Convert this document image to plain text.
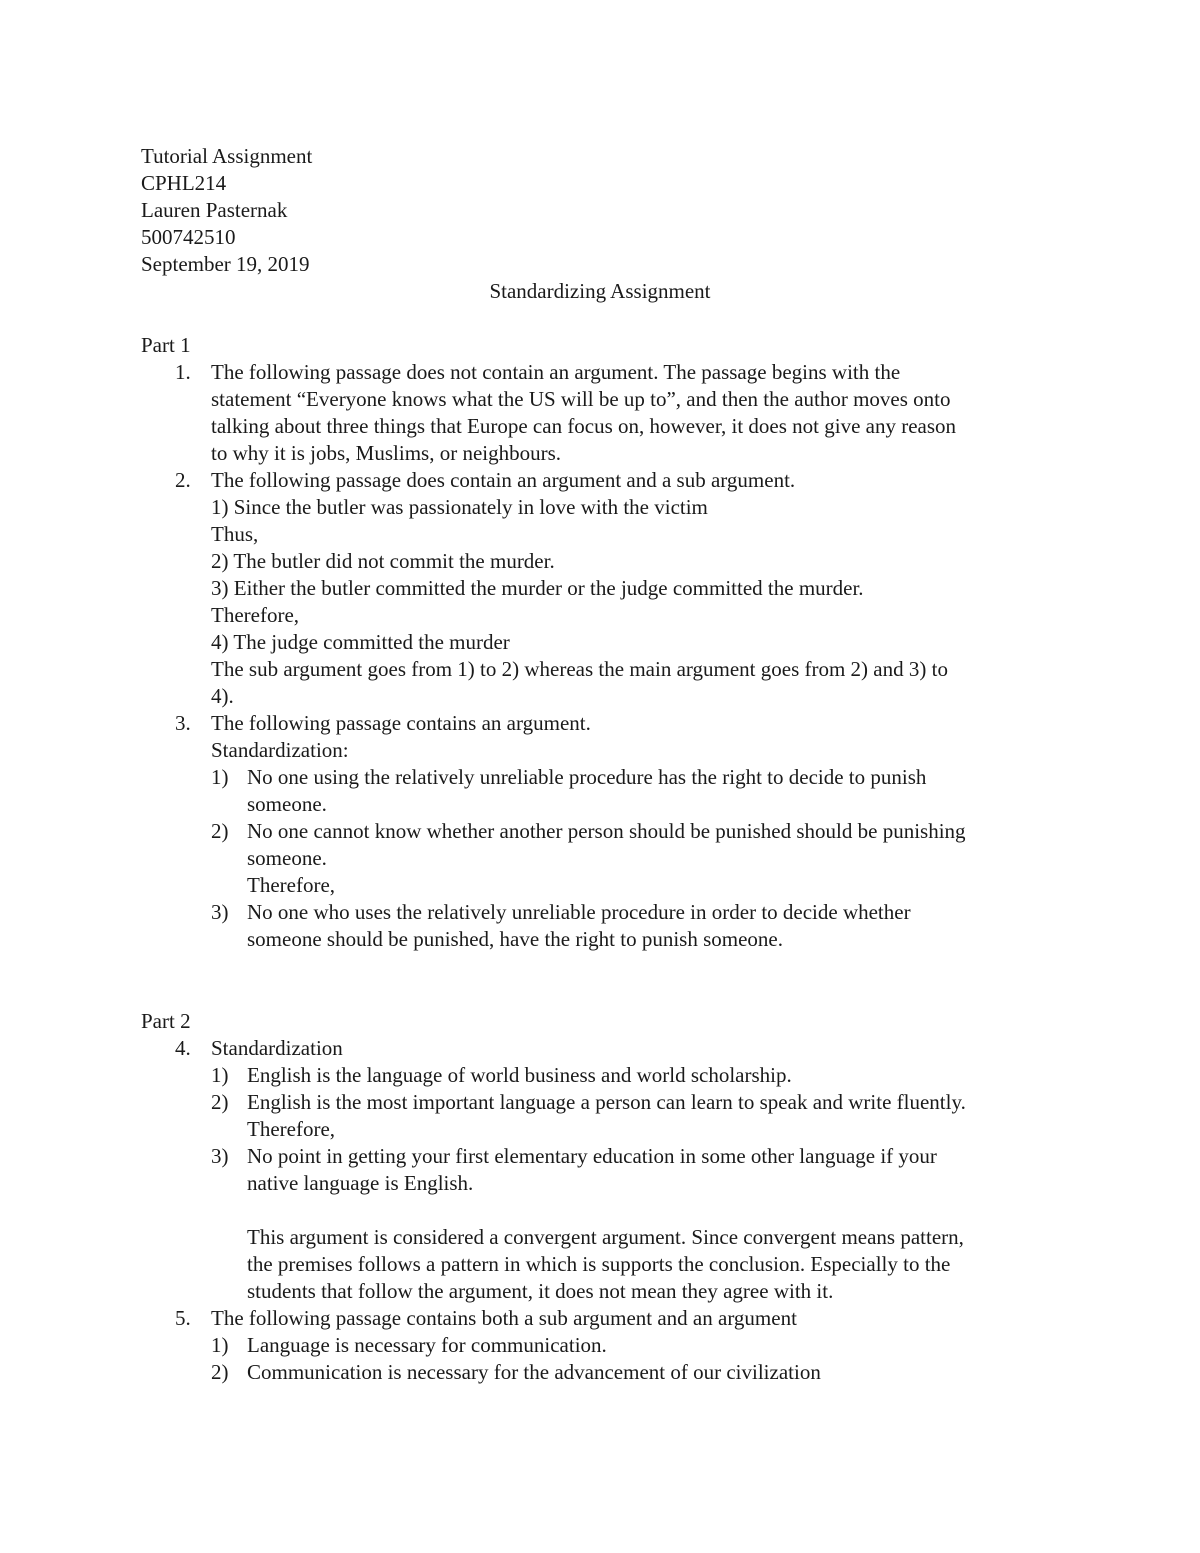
Tutorial Assignment
CPHL214
Lauren Pasternak
500742510
September 19, 2019
Standardizing Assignment
Part 1
1. The following passage does not contain an argument. The passage begins with the
statement “Everyone knows what the US will be up to”, and then the author moves onto
talking about three things that Europe can focus on, however, it does not give any reason
to why it is jobs, Muslims, or neighbours.
2. The following passage does contain an argument and a sub argument.
1) Since the butler was passionately in love with the victim
Thus,
2) The butler did not commit the murder.
3) Either the butler committed the murder or the judge committed the murder.
Therefore,
4) The judge committed the murder
The sub argument goes from 1) to 2) whereas the main argument goes from 2) and 3) to
4).
3. The following passage contains an argument.
Standardization:
1) No one using the relatively unreliable procedure has the right to decide to punish
someone.
2) No one cannot know whether another person should be punished should be punishing
someone.
Therefore,
3) No one who uses the relatively unreliable procedure in order to decide whether
someone should be punished, have the right to punish someone.
Part 2
4. Standardization
1) English is the language of world business and world scholarship.
2) English is the most important language a person can learn to speak and write fluently.
Therefore,
3) No point in getting your first elementary education in some other language if your
native language is English.
This argument is considered a convergent argument. Since convergent means pattern,
the premises follows a pattern in which is supports the conclusion. Especially to the
students that follow the argument, it does not mean they agree with it.
5. The following passage contains both a sub argument and an argument
1) Language is necessary for communication.
2) Communication is necessary for the advancement of our civilization
